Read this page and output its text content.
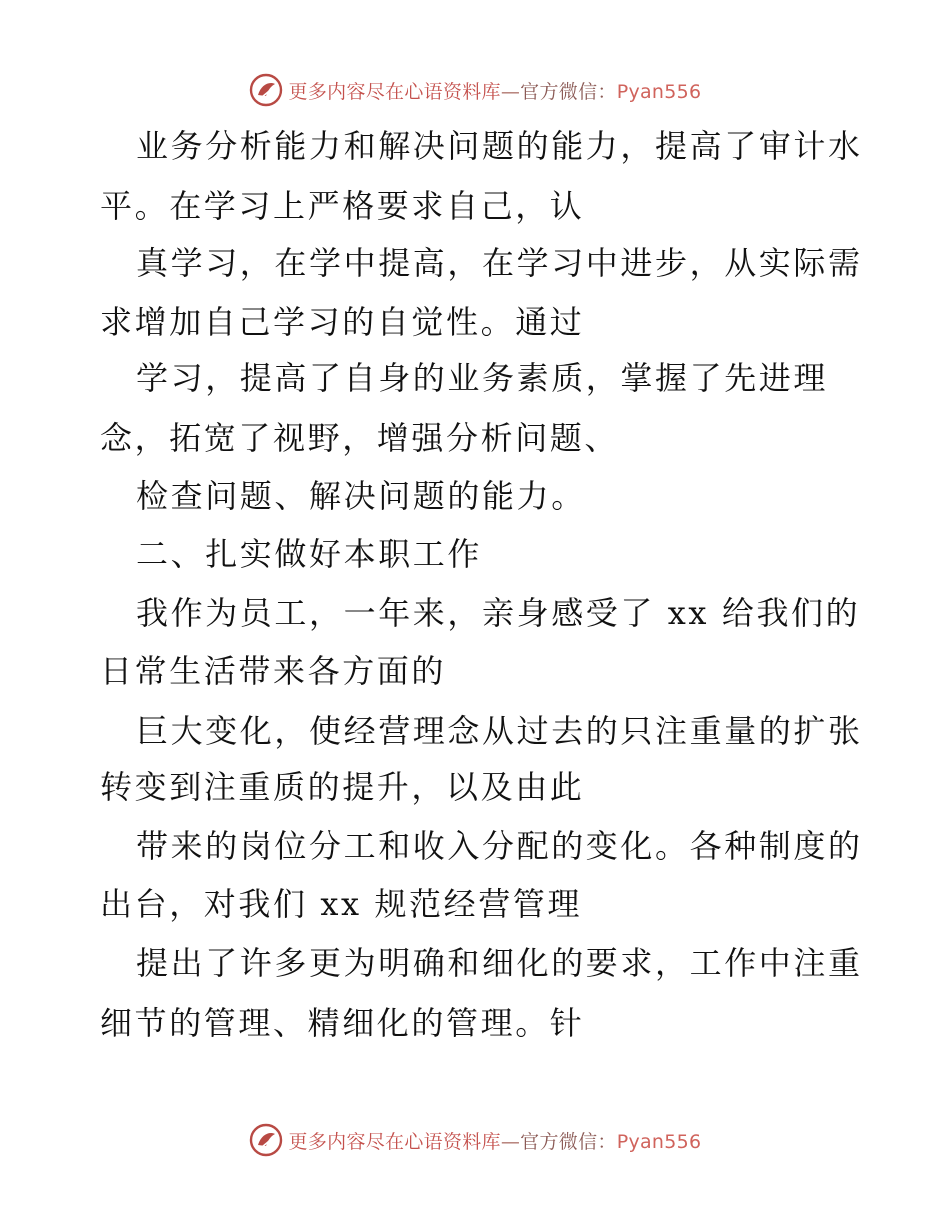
更多内容尽在心语资料库—官方微信：Pyan556
业务分析能力和解决问题的能力，提高了审计水
平。在学习上严格要求自己，认
真学习，在学中提高，在学习中进步，从实际需
求增加自己学习的自觉性。通过
学习，提高了自身的业务素质，掌握了先进理
念，拓宽了视野，增强分析问题、
检查问题、解决问题的能力。
二、扎实做好本职工作
我作为员工，一年来，亲身感受了 xx 给我们的
日常生活带来各方面的
巨大变化，使经营理念从过去的只注重量的扩张
转变到注重质的提升，以及由此
带来的岗位分工和收入分配的变化。各种制度的
出台，对我们 xx 规范经营管理
提出了许多更为明确和细化的要求，工作中注重
细节的管理、精细化的管理。针
更多内容尽在心语资料库—官方微信：Pyan556
